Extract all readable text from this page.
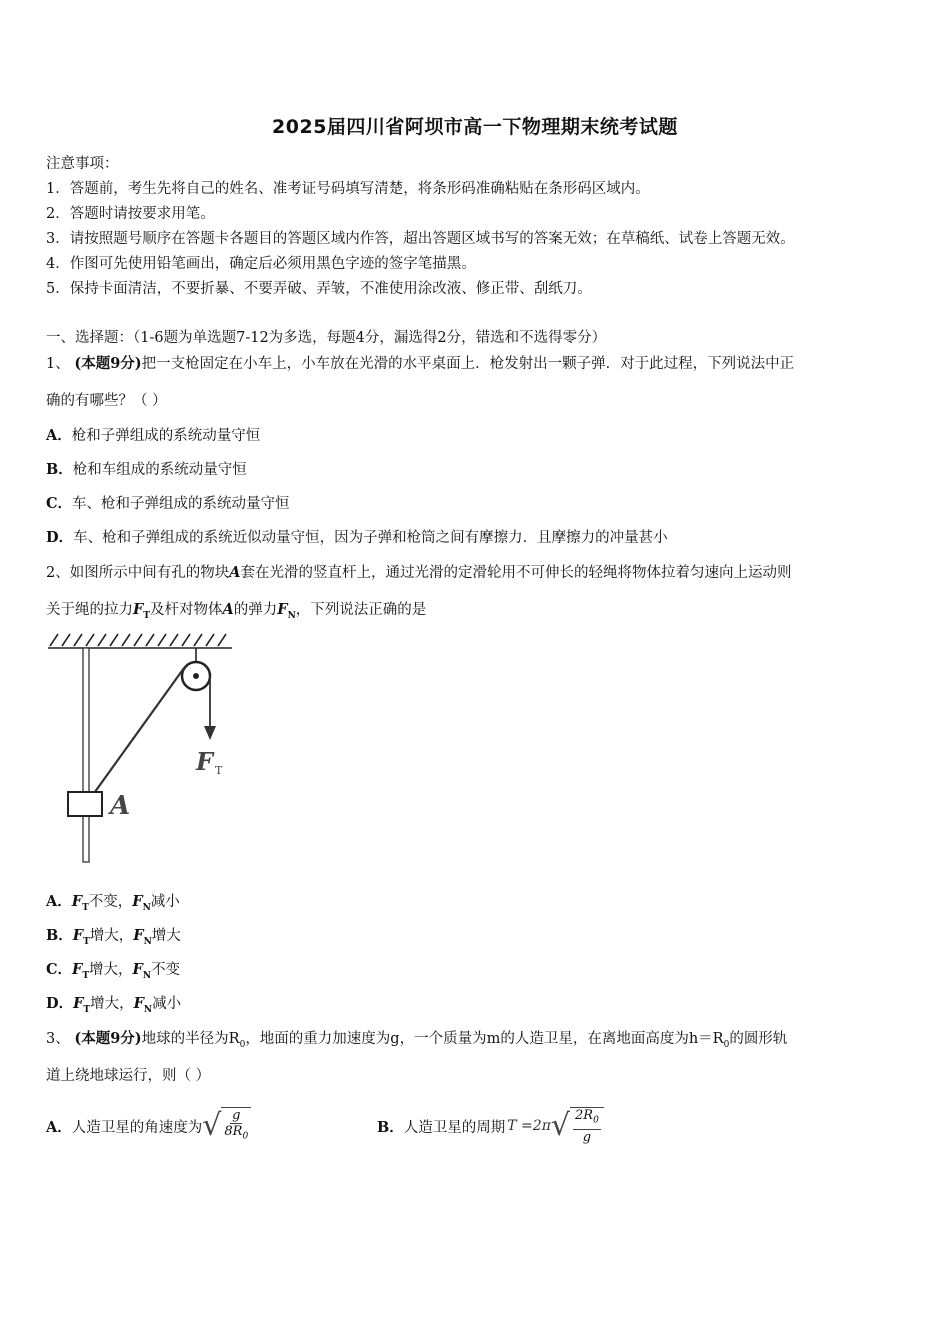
2025届四川省阿坝市高一下物理期末统考试题
注意事项：
1．答题前，考生先将自己的姓名、准考证号码填写清楚，将条形码准确粘贴在条形码区域内。
2．答题时请按要求用笔。
3．请按照题号顺序在答题卡各题目的答题区域内作答，超出答题区域书写的答案无效；在草稿纸、试卷上答题无效。
4．作图可先使用铅笔画出，确定后必须用黑色字迹的签字笔描黑。
5．保持卡面清洁，不要折暴、不要弄破、弄皱，不准使用涂改液、修正带、刮纸刀。
一、选择题：（1-6题为单选题7-12为多选，每题4分，漏选得2分，错选和不选得零分）
1、 (本题9分)把一支枪固定在小车上，小车放在光滑的水平桌面上．枪发射出一颗子弹．对于此过程，下列说法中正
确的有哪些？（ ）
A．枪和子弹组成的系统动量守恒
B．枪和车组成的系统动量守恒
C．车、枪和子弹组成的系统动量守恒
D．车、枪和子弹组成的系统近似动量守恒，因为子弹和枪筒之间有摩擦力．且摩擦力的冲量甚小
2、如图所示中间有孔的物块A套在光滑的竖直杆上，通过光滑的定滑轮用不可伸长的轻绳将物体拉着匀速向上运动则
关于绳的拉力$F_T$及杆对物体A的弹力$F_N$，下列说法正确的是
F T
A
A．$F_T$不变，$F_N$减小
B．$F_T$增大，$F_N$增大
C．$F_T$增大，$F_N$不变
D．$F_T$增大，$F_N$减小
3、 (本题9分)地球的半径为$R_0$，地面的重力加速度为g，一个质量为m的人造卫星，在离地面高度为$h=R_0$的圆形轨
道上绕地球运行，则（ ）
A． 人造卫星的角速度为 √ $\frac{g}{8R_0}$	B． 人造卫星的周期 T =2π √ $\frac{2R_0}{g}$
